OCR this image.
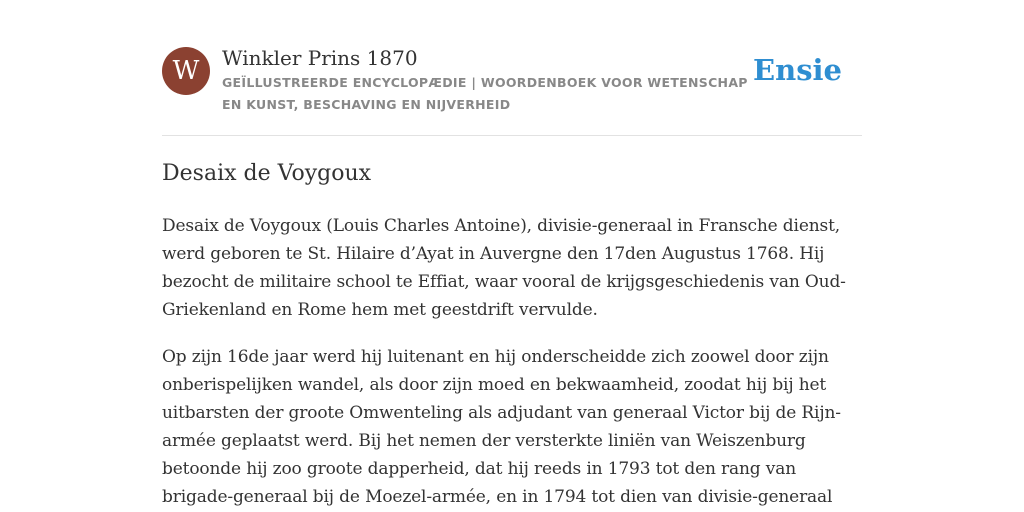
W	Winkler Prins 1870
GEÏLLUSTREERDE ENCYCLOPÆDIE | WOORDENBOEK VOOR WETENSCHAP EN KUNST, BESCHAVING EN NIJVERHEID
Ensie
Desaix de Voygoux

Desaix de Voygoux (Louis Charles Antoine), divisie-generaal in Fransche dienst, werd geboren te St. Hilaire d’Ayat in Auvergne den 17den Augustus 1768. Hij bezocht de militaire school te Effiat, waar vooral de krijgsgeschiedenis van Oud-Griekenland en Rome hem met geestdrift vervulde.

Op zijn 16de jaar werd hij luitenant en hij onderscheidde zich zoowel door zijn onberispelijken wandel, als door zijn moed en bekwaamheid, zoodat hij bij het uitbarsten der groote Omwenteling als adjudant van generaal Victor bij de Rijn-armée geplaatst werd. Bij het nemen der versterkte liniën van Weiszenburg betoonde hij zoo groote dapperheid, dat hij reeds in 1793 tot den rang van brigade-generaal bij de Moezel-armée, en in 1794 tot dien van divisie-generaal
